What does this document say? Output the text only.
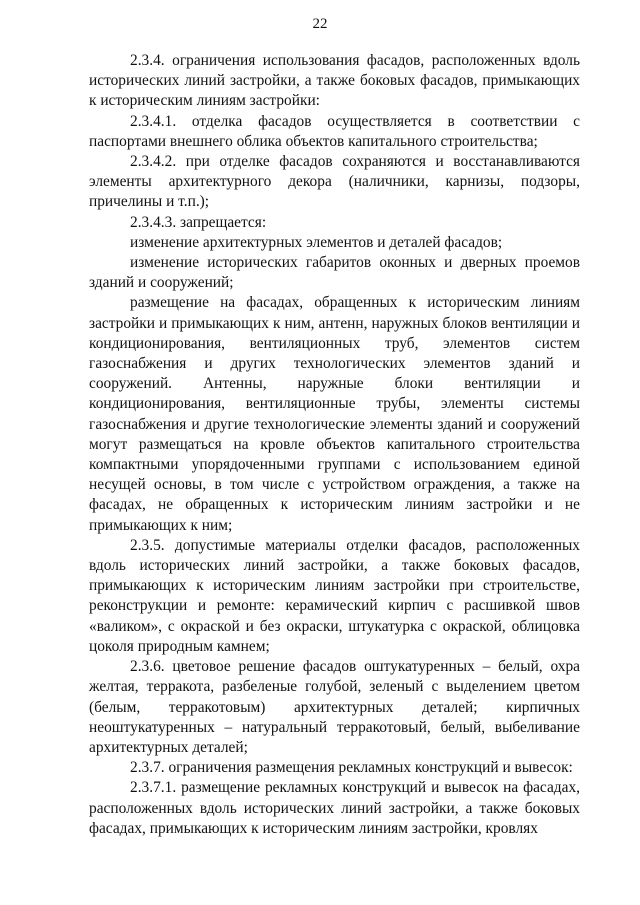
22

2.3.4. ограничения использования фасадов, расположенных вдоль исторических линий застройки, а также боковых фасадов, примыкающих к историческим линиям застройки:

2.3.4.1. отделка фасадов осуществляется в соответствии с паспортами внешнего облика объектов капитального строительства;

2.3.4.2. при отделке фасадов сохраняются и восстанавливаются элементы архитектурного декора (наличники, карнизы, подзоры, причелины и т.п.);

2.3.4.3. запрещается:

изменение архитектурных элементов и деталей фасадов;

изменение исторических габаритов оконных и дверных проемов зданий и сооружений;

размещение на фасадах, обращенных к историческим линиям застройки и примыкающих к ним, антенн, наружных блоков вентиляции и кондиционирования, вентиляционных труб, элементов систем газоснабжения и других технологических элементов зданий и сооружений. Антенны, наружные блоки вентиляции и кондиционирования, вентиляционные трубы, элементы системы газоснабжения и другие технологические элементы зданий и сооружений могут размещаться на кровле объектов капитального строительства компактными упорядоченными группами с использованием единой несущей основы, в том числе с устройством ограждения, а также на фасадах, не обращенных к историческим линиям застройки и не примыкающих к ним;

2.3.5. допустимые материалы отделки фасадов, расположенных вдоль исторических линий застройки, а также боковых фасадов, примыкающих к историческим линиям застройки при строительстве, реконструкции и ремонте: керамический кирпич с расшивкой швов «валиком», с окраской и без окраски, штукатурка с окраской, облицовка цоколя природным камнем;

2.3.6. цветовое решение фасадов оштукатуренных – белый, охра желтая, терракота, разбеленые голубой, зеленый с выделением цветом (белым, терракотовым) архитектурных деталей; кирпичных неоштукатуренных – натуральный терракотовый, белый, выбеливание архитектурных деталей;

2.3.7. ограничения размещения рекламных конструкций и вывесок:

2.3.7.1. размещение рекламных конструкций и вывесок на фасадах, расположенных вдоль исторических линий застройки, а также боковых фасадах, примыкающих к историческим линиям застройки, кровлях
